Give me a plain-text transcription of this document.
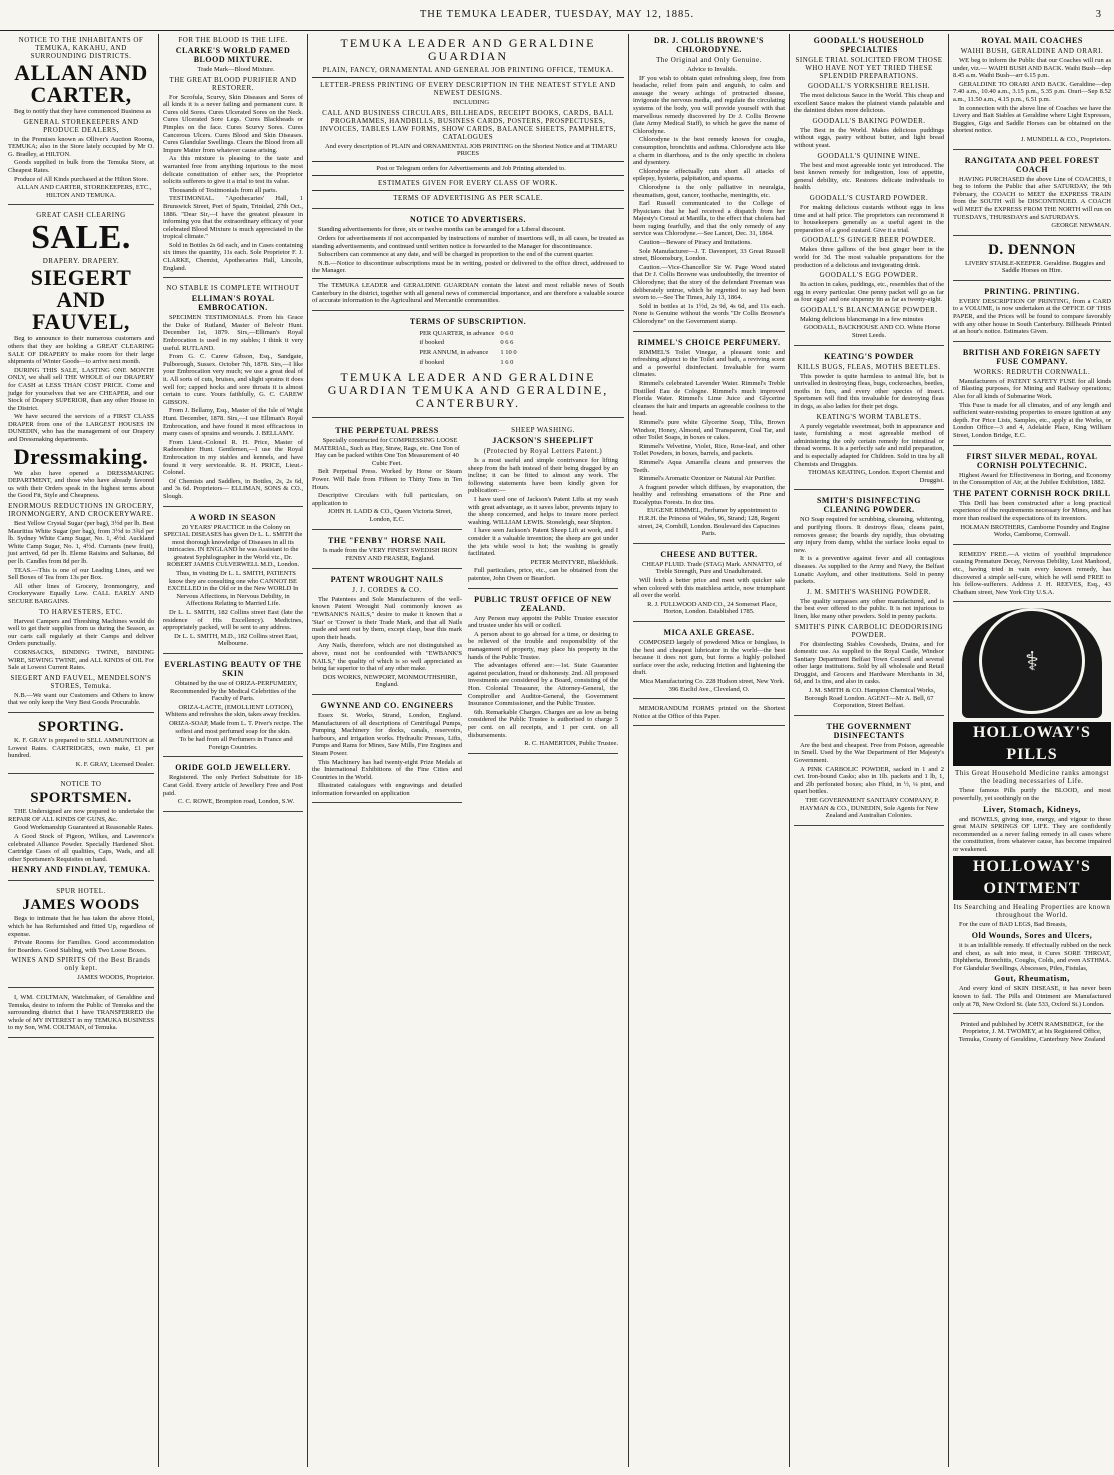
THE TEMUKA LEADER, TUESDAY, MAY 12, 1885.	3
NOTICE TO THE INHABITANTS OF TEMUKA, KAKAHU, AND SURROUNDING DISTRICTS.
ALLAN AND CARTER,

Beg to notify that they have commenced Business as

GENERAL STOREKEEPERS AND PRODUCE DEALERS,

in the Premises known as Olliver's Auction Rooms, TEMUKA; also in the Store lately occupied by Mr O. G. Bradley, at HILTON.

Goods supplied in bulk from the Temuka Store, at Cheapest Rates.

Produce of All Kinds purchased at the Hilton Store.

ALLAN AND CARTER, STOREKEEPERS, ETC., HILTON AND TEMUKA.

GREAT CASH CLEARING
SALE.
DRAPERY. DRAPERY.
SIEGERT AND FAUVEL,

Beg to announce to their numerous customers and others that they are holding a GREAT CLEARING SALE OF DRAPERY to make room for their large shipments of Winter Goods—to arrive next month.

DURING THIS SALE, LASTING ONE MONTH ONLY, we shall sell THE WHOLE of our DRAPERY for CASH at LESS THAN COST PRICE. Come and judge for yourselves that we are CHEAPER, and our Stock of Drapery SUPERIOR, than any other House in the District.

We have secured the services of a FIRST CLASS DRAPER from one of the LARGEST HOUSES IN DUNEDIN, who has the management of our Drapery and Dressmaking departments.

Dressmaking.

We also have opened a DRESSMAKING DEPARTMENT, and those who have already favored us with their Orders speak in the highest terms about the Good Fit, Style and Cheapness.

ENORMOUS REDUCTIONS IN GROCERY, IRONMONGERY, AND CROCKERYWARE.

Best Yellow Crystal Sugar (per bag), 3½d per lb. Best Mauritius White Sugar (per bag), from 3½d to 3¾d per lb. Sydney White Camp Sugar, No. 1, 4½d. Auckland White Camp Sugar, No. 1, 4½d. Currants (new fruit), just arrived, 6d per lb. Eleme Raisins and Sultanas, 8d per lb. Candles from 8d per lb.

TEAS.—This is one of our Leading Lines, and we Sell Boxes of Tea from 13s per Box.

All other lines of Grocery, Ironmongery, and Crockeryware Equally Low. CALL EARLY AND SECURE BARGAINS.

TO HARVESTERS, ETC.

Harvest Campers and Threshing Machines would do well to get their supplies from us during the Season, as our carts call regularly at their Camps and deliver Orders punctually.

CORNSACKS, BINDING TWINE, BINDING WIRE, SEWING TWINE, and ALL KINDS of OIL For Sale at Lowest Current Rates.

SIEGERT AND FAUVEL, MENDELSON'S STORES, Temuka.

N.B.—We want our Customers and Others to know that we only keep the Very Best Goods Procurable.

SPORTING.

K. F. GRAY is prepared to SELL AMMUNITION at Lowest Rates. CARTRIDGES, own make, £1 per hundred.

K. F. GRAY, Licensed Dealer.

NOTICE TO
SPORTSMEN.

THE Undersigned are now prepared to undertake the REPAIR OF ALL KINDS OF GUNS, &c.

Good Workmanship Guaranteed at Reasonable Rates.

A Good Stock of Pigeon, Wilkes, and Lawrence's celebrated Alliance Powder. Specially Hardened Shot. Cartridge Cases of all qualities, Caps, Wads, and all other Sportsmen's Requisites on hand.

HENRY AND FINDLAY, TEMUKA.
SPUR HOTEL.
JAMES WOODS

Begs to intimate that he has taken the above Hotel, which he has Refurnished and fitted Up, regardless of expense.

Private Rooms for Families. Good accommodation for Boarders. Good Stabling, with Two Loose Boxes.

WINES AND SPIRITS Of the Best Brands only kept.

JAMES WOODS, Proprietor.

I, WM. COLTMAN, Watchmaker, of Geraldine and Temuka, desire to inform the Public of Temuka and the surrounding district that I have TRANSFERRED the whole of MY INTEREST in my TEMUKA BUSINESS to my Son, WM. COLTMAN, of Temuka.

FOR THE BLOOD IS THE LIFE.
CLARKE'S WORLD FAMED BLOOD MIXTURE.

Trade Mark—Blood Mixture.

THE GREAT BLOOD PURIFIER AND RESTORER.

For Scrofula, Scurvy, Skin Diseases and Sores of all kinds it is a never failing and permanent cure. It Cures old Sores. Cures Ulcerated Sores on the Neck. Cures Ulcerated Sore Legs. Cures Blackheads or Pimples on the face. Cures Scurvy Sores. Cures Cancerous Ulcers. Cures Blood and Skin Diseases. Cures Glandular Swellings. Clears the Blood from all Impure Matter from whatever cause arising.

As this mixture is pleasing to the taste and warranted free from anything injurious to the most delicate constitution of either sex, the Proprietor solicits sufferers to give it a trial to test its value.

Thousands of Testimonials from all parts.

TESTIMONIAL. "Apothecaries' Hall, 1 Brunswick Street, Port of Spain, Trinidad, 27th Oct., 1886. "Dear Sir,—I have the greatest pleasure in informing you that the extraordinary efficacy of your celebrated Blood Mixture is much appreciated in the tropical climate."

Sold in Bottles 2s 6d each, and in Cases containing six times the quantity, 11s each. Sole Proprietor F. J. CLARKE, Chemist, Apothecaries Hall, Lincoln, England.

NO STABLE IS COMPLETE WITHOUT
ELLIMAN'S ROYAL EMBROCATION.

SPECIMEN TESTIMONIALS. From his Grace the Duke of Rutland, Master of Belvoir Hunt. December 1st, 1879. Sirs,—Elliman's Royal Embrocation is used in my stables; I think it very useful. RUTLAND.

From G. C. Carew Gibson, Esq., Sandgate, Pulborough, Sussex. October 7th, 1878. Sirs,—I like your Embrocation very much; we use a great deal of it. All sorts of cuts, bruises, and slight sprains it does well for; capped hocks and sore throats it is almost certain to cure. Yours faithfully, G. C. CAREW GIBSON.

From J. Bellamy, Esq., Master of the Isle of Wight Hunt. December, 1878. Sirs,—I use Elliman's Royal Embrocation, and have found it most efficacious in many cases of sprains and wounds. J. BELLAMY.

From Lieut.-Colonel R. H. Price, Master of Radnorshire Hunt. Gentlemen,—I use the Royal Embrocation in my stables and kennels, and have found it very serviceable. R. H. PRICE, Lieut.-Colonel.

Of Chemists and Saddlers, in Bottles, 2s, 2s 6d, and 3s 6d. Proprietors— ELLIMAN, SONS & CO., Slough.

A WORD IN SEASON

20 YEARS' PRACTICE in the Colony on SPECIAL DISEASES has given Dr L. L. SMITH the most thorough knowledge of Diseases in all its intricacies. IN ENGLAND he was Assistant to the greatest Syphilographer in the World viz., Dr. ROBERT JAMES CULVERWELL M.D., London.

Thus, in visiting Dr L. L. SMITH, PATIENTS know they are consulting one who CANNOT BE EXCELLED in the Old or in the New WORLD In Nervous Affections, in Nervous Debility, in Affections Relating to Married Life.

Dr L. L. SMITH, 182 Collins street East (late the residence of His Excellency). Medicines, appropriately packed, will be sent to any address.

Dr L. L. SMITH, M.D., 182 Collins street East, Melbourne.

EVERLASTING BEAUTY OF THE SKIN

Obtained by the use of ORIZA-PERFUMERY, Recommended by the Medical Celebrities of the Faculty of Paris.

ORIZA-LACTE, (EMOLLIENT LOTION), Whitens and refreshes the skin, takes away freckles.

ORIZA-SOAP, Made from L. T. Piver's recipe. The softest and most perfumed soap for the skin.

To be had from all Perfumers in France and Foreign Countries.

ORIDE GOLD JEWELLERY.

Registered. The only Perfect Substitute for 18-Carat Gold. Every article of Jewellery Free and Post paid.

C. C. ROWE, Brompton road, London, S.W.

TEMUKA LEADER AND GERALDINE GUARDIAN
PLAIN, FANCY, ORNAMENTAL AND GENERAL JOB PRINTING OFFICE, TEMUKA.
LETTER-PRESS PRINTING OF EVERY DESCRIPTION IN THE NEATEST STYLE AND NEWEST DESIGNS.

INCLUDING

CALL AND BUSINESS CIRCULARS, BILLHEADS, RECEIPT BOOKS, CARDS, BALL PROGRAMMES, HANDBILLS, BUSINESS CARDS, POSTERS, PROSPECTUSES, INVOICES, TABLES LAW FORMS, SHOW CARDS, BALANCE SHEETS, PAMPHLETS, CATALOGUES

And every description of PLAIN and ORNAMENTAL JOB PRINTING on the Shortest Notice and at TIMARU PRICES

Post or Telegram orders for Advertisements and Job Printing attended to.

ESTIMATES GIVEN FOR EVERY CLASS OF WORK.
TERMS OF ADVERTISING AS PER SCALE.
NOTICE TO ADVERTISERS.

Standing advertisements for three, six or twelve months can be arranged for a Liberal discount.

Orders for advertisements if not accompanied by instructions of number of insertions will, in all cases, be treated as standing advertisements, and continued until written notice is forwarded to the Manager for discontinuance.

Subscribers can commence at any date, and will be charged in proportion to the end of the current quarter.

N.B.—Notice to discontinue subscriptions must be in writing, posted or delivered to the office direct, addressed to the Manager.

The TEMUKA LEADER and GERALDINE GUARDIAN contain the latest and most reliable news of South Canterbury in the district, together with all general news of commercial importance, and are therefore a valuable source of accurate information to the Agricultural and Mercantile communities.

TERMS OF SUBSCRIPTION.
PER QUARTER, in advance	0 6 0
if booked	0 6 6
PER ANNUM, in advance	1 10 0
if booked	1 6 0
TEMUKA LEADER AND GERALDINE GUARDIAN TEMUKA AND GERALDINE, CANTERBURY.
THE PERPETUAL PRESS

Specially constructed for COMPRESSING LOOSE MATERIAL, Such as Hay, Straw, Rags, etc. One Ton of Hay can be packed within One Ton Measurement of 40 Cubic Feet.

Belt Perpetual Press. Worked by Horse or Steam Power. Will Bale from Fifteen to Thirty Tons in Ten Hours.

Descriptive Circulars with full particulars, on application to

JOHN H. LADD & CO., Queen Victoria Street, London, E.C.

THE "FENBY" HORSE NAIL

Is made from the VERY FINEST SWEDISH IRON

FENBY AND FRASER, England.

PATENT WROUGHT NAILS
J. J. CORDES & CO.

The Patentees and Sole Manufacturers of the well-known Patent Wrought Nail commonly known as "EWBANK'S NAILS," desire to make it known that a 'Star' or 'Crown' is their Trade Mark, and that all Nails made and sent out by them, except clasp, bear this mark upon their heads.

Any Nails, therefore, which are not distinguished as above, must not be confounded with "EWBANK'S NAILS," the quality of which is so well appreciated as being far superior to that of any other make.

DOS WORKS, NEWPORT, MONMOUTHSHIRE, England.

GWYNNE AND CO. ENGINEERS

Essex St. Works, Strand, London, England. Manufacturers of all descriptions of Centrifugal Pumps, Pumping Machinery for docks, canals, reservoirs, harbours, and irrigation works. Hydraulic Presses, Lifts, Pumps and Rams for Mines, Saw Mills, Fire Engines and Steam Power.

This Machinery has had twenty-eight Prize Medals at the International Exhibitions of the Fine Cities and Countries in the World.

Illustrated catalogues with engravings and detailed information forwarded on application

SHEEP WASHING.
JACKSON'S SHEEPLIFT
(Protected by Royal Letters Patent.)

Is a most useful and simple contrivance for lifting sheep from the bath instead of their being dragged by an incline; it can be fitted to almost any work. The following statements have been kindly given for publication:—

I have used one of Jackson's Patent Lifts at my wash with great advantage, as it saves labor, prevents injury to the sheep concerned, and helps to insure more perfect washing. WILLIAM LEWIS. Stoneleigh, near Shipton.

I have seen Jackson's Patent Sheep Lift at work, and I consider it a valuable invention; the sheep are got under the jets while wool is hot; the washing is greatly facilitated.

PETER McINTYRE, Blackbluik.

Full particulars, price, etc., can be obtained from the patentee, John Owen or Beanfort.

PUBLIC TRUST OFFICE OF NEW ZEALAND.

Any Person may appoint the Public Trustee executor and trustee under his will or codicil.

A person about to go abroad for a time, or desiring to be relieved of the trouble and responsibility of the management of property, may place his property in the hands of the Public Trustee.

The advantages offered are:—1st. State Guarantee against peculation, fraud or dishonesty. 2nd. All proposed investments are considered by a Board, consisting of the Hon. Colonial Treasurer, the Attorney-General, the Comptroller and Auditor-General, the Government Insurance Commissioner, and the Public Trustee.

6th. Remarkable Charges. Charges are as low as being considered the Public Trustee is authorised to charge 5 per cent. on all receipts, and 1 per cent. on all disbursements.

R. C. HAMERTON, Public Trustee.

DR. J. COLLIS BROWNE'S CHLORODYNE.
The Original and Only Genuine.

Advice to Invalids.

IF you wish to obtain quiet refreshing sleep, free from headache, relief from pain and anguish, to calm and assuage the weary achings of protracted disease, invigorate the nervous media, and regulate the circulating systems of the body, you will provide yourself with that marvellous remedy discovered by Dr J. Collis Browne (late Army Medical Staff), to which he gave the name of Chlorodyne.

Chlorodyne is the best remedy known for coughs, consumption, bronchitis and asthma. Chlorodyne acts like a charm in diarrhoea, and is the only specific in cholera and dysentery.

Chlorodyne effectually cuts short all attacks of epilepsy, hysteria, palpitation, and spasms.

Chlorodyne is the only palliative in neuralgia, rheumatism, gout, cancer, toothache, meningitis, etc.

Earl Russell communicated to the College of Physicians that he had received a dispatch from her Majesty's Consul at Manilla, to the effect that cholera had been raging fearfully, and that the only remedy of any service was Chlorodyne.—See Lancet, Dec. 31, 1864.

Caution—Beware of Piracy and Imitations.

Sole Manufacturer—J. T. Davenport, 33 Great Russell street, Bloomsbury, London.

Caution.—Vice-Chancellor Sir W. Page Wood stated that Dr J. Collis Browne was undoubtedly, the inventor of Chlorodyne; that the story of the defendant Freeman was deliberately untrue, which he regretted to say had been sworn to.—See The Times, July 13, 1864.

Sold in bottles at 1s 1½d, 2s 9d, 4s 6d, and 11s each. None is Genuine without the words "Dr Collis Browne's Chlorodyne" on the Government stamp.

RIMMEL'S CHOICE PERFUMERY.

RIMMEL'S Toilet Vinegar, a pleasant tonic and refreshing adjunct to the Toilet and bath, a reviving scent and a powerful disinfectant. Invaluable for warm climates.

Rimmel's celebrated Lavender Water. Rimmel's Treble Distilled Eau de Cologne. Rimmel's much improved Florida Water. Rimmel's Lime Juice and Glycerine cleanses the hair and imparts an agreeable coolness to the head.

Rimmel's pure white Glycerine Soap, Tilia, Brown Windsor, Honey, Almond, and Transparent, Coal Tar, and other Toilet Soaps, in boxes or cakes.

Rimmel's Velvetine, Violet, Rice, Rose-leaf, and other Toilet Powders, in boxes, barrels, and packets.

Rimmel's Aqua Amarella cleans and preserves the Teeth.

Rimmel's Aromatic Ozonizer or Natural Air Purifier.

A fragrant powder which diffuses, by evaporation, the healthy and refreshing emanations of the Pine and Eucalyptus Forests. In doz tins.

EUGENE RIMMEL, Perfumer by appointment to H.R.H. the Princess of Wales, 96, Strand; 128, Regent street, 24, Cornhill, London. Boulevard des Capucines Paris.

CHEESE AND BUTTER.

CHEAP FLUID. Trade (STAG) Mark. ANNATTO, of Treble Strength, Pure and Unadulterated.

Will fetch a better price and meet with quicker sale when colored with this matchless article, now triumphant all over the world.

R. J. FULLWOOD AND CO., 24 Somerset Place, Horton, London. Established 1785.

MICA AXLE GREASE.

COMPOSED largely of powdered Mica or Isinglass, is the best and cheapest lubricator in the world—the best because it does not gum, but forms a highly polished surface over the axle, reducing friction and lightening the draft.

Mica Manufacturing Co. 228 Hudson street, New York. 396 Euclid Ave., Cleveland, O.

MEMORANDUM FORMS printed on the Shortest Notice at the Office of this Paper.

GOODALL'S HOUSEHOLD SPECIALTIES
SINGLE TRIAL SOLICITED FROM THOSE WHO HAVE NOT YET TRIED THESE SPLENDID PREPARATIONS.
GOODALL'S YORKSHIRE RELISH.

The most delicious Sauce in the World. This cheap and excellent Sauce makes the plainest viands palatable and the daintiest dishes more delicious.

GOODALL'S BAKING POWDER.

The Best in the World. Makes delicious puddings without eggs, pastry without butter, and light bread without yeast.

GOODALL'S QUININE WINE.

The best and most agreeable tonic yet introduced. The best known remedy for indigestion, loss of appetite, general debility, etc. Restores delicate individuals to health.

GOODALL'S CUSTARD POWDER.

For making delicious custards without eggs in less time and at half price. The proprietors can recommend it to housekeepers generally as a useful agent in the preparation of a good custard. Give it a trial.

GOODALL'S GINGER BEER POWDER.

Makes three gallons of the best ginger beer in the world for 3d. The most valuable preparations for the production of a delicious and invigorating drink.

GOODALL'S EGG POWDER.

Its action in cakes, puddings, etc., resembles that of the egg in every particular. One penny packet will go as far as four eggs! and one sixpenny tin as far as twenty-eight.

GOODALL'S BLANCMANGE POWDER.

Making delicious blancmange in a few minutes

GOODALL, BACKHOUSE AND CO. White Horse Street Leeds.

KEATING'S POWDER
KILLS BUGS, FLEAS, MOTHS BEETLES.

This powder is quite harmless to animal life, but is unrivalled in destroying fleas, bugs, cockroaches, beetles, moths in furs, and every other species of insect. Sportsmen will find this invaluable for destroying fleas in dogs, as also ladies for their pet dogs.

KEATING'S WORM TABLETS.

A purely vegetable sweetmeat, both in appearance and taste, furnishing a most agreeable method of administering the only certain remedy for intestinal or thread worms. It is a perfectly safe and mild preparation, and is especially adapted for Children. Sold in tins by all Chemists and Druggists.

THOMAS KEATING, London. Export Chemist and Druggist.

SMITH'S DISINFECTING CLEANING POWDER.

NO Soap required for scrubbing, cleansing, whitening, and purifying floors. It destroys fleas, cleans paint, removes grease; the boards dry rapidly, thus obviating any injury from damp, whilst the surface looks equal to new.

It is a preventive against fever and all contagious diseases. As supplied to the Army and Navy, the Belfast Lunatic Asylum, and other institutions. Sold in penny packets.

J. M. SMITH'S WASHING POWDER.

The quality surpasses any other manufactured, and is the best ever offered to the public. It is not injurious to linen, like many other powders. Sold in penny packets.

SMITH'S PINK CARBOLIC DEODORISING POWDER.

For disinfecting Stables Cowsheds, Drains, and for domestic use. As supplied to the Royal Castle, Windsor Sanitary Department Belfast Town Council and several other large institutions. Sold by all wholesale and Retail Druggist, and Grocers and Hardware Merchants in 3d, 6d, and 1s tins, and also in casks.

J. M. SMITH & CO. Hampton Chemical Works, Borough Road London. AGENT—Mr A. Bell, 67 Corporation, Street Belfast.

THE GOVERNMENT DISINFECTANTS

Are the best and cheapest. Free from Poison, agreeable in Smell. Used by the War Department of Her Majesty's Government.

A PINK CARBOLIC POWDER, sacked in 1 and 2 cwt. Iron-bound Casks; also in 1lb. packets and 1 lb, 1, and 2lb perforated boxes; also Fluid, in ½, ¼ pint, and quart bottles.

THE GOVERNMENT SANITARY COMPANY, P. HAYMAN & CO., DUNEDIN, Sole Agents for New Zealand and Australian Colonies.

ROYAL MAIL COACHES
WAIHI BUSH, GERALDINE AND ORARI.

WE beg to inform the Public that our Coaches will run as under, viz.— WAIHI BUSH AND BACK. Waihi Bush—dep 8.45 a.m. Waihi Bush—arr 6.15 p.m.

GERALDINE TO ORARI AND BACK. Geraldine—dep 7.40 a.m., 10.40 a.m., 3.15 p.m., 5.35 p.m. Orari—Sep 8.52 a.m., 11.50 a.m., 4.15 p.m., 6.51 p.m.

In connection with the above line of Coaches we have the Livery and Bait Stables at Geraldine where Light Expresses, Buggies, Gigs and Saddle Horses can be obtained on the shortest notice.

J. MUNDELL & CO., Proprietors.

RANGITATA AND PEEL FOREST COACH

HAVING PURCHASED the above Line of COACHES, I beg to inform the Public that after SATURDAY, the 9th February, the COACH to MEET the EXPRESS TRAIN from the SOUTH will be DISCONTINUED. A COACH will MEET the EXPRESS FROM THE NORTH will run on TUESDAYS, THURSDAYS and SATURDAYS.

GEORGE NEWMAN.

D. DENNON

LIVERY STABLE-KEEPER. Geraldine. Buggies and Saddle Horses on Hire.

PRINTING. PRINTING.

EVERY DESCRIPTION OF PRINTING, from a CARD to a VOLUME, is now undertaken at the OFFICE OF THIS PAPER, and the Prices will be found to compare favorably with any other house in South Canterbury. Billheads Printed at an hour's notice. Estimates Given.

BRITISH AND FOREIGN SAFETY FUSE COMPANY.
WORKS: REDRUTH CORNWALL.

Manufacturers of PATENT SAFETY FUSE for all kinds of Blasting purposes, for Mining and Railway operations; Also for all kinds of Submarine Work.

This Fuse is made for all climates, and of any length and sufficient water-resisting properties to ensure ignition at any depth. For Price Lists, Samples, etc., apply at the Works, or London Office—3 and 4, Adelaide Place, King William Street, London Bridge, E.C.

FIRST SILVER MEDAL, ROYAL CORNISH POLYTECHNIC.

Highest Award for Effectiveness in Boring, and Economy in the Consumption of Air, at the Jubilee Exhibition, 1882.

THE PATENT CORNISH ROCK DRILL

This Drill has been constructed after a long practical experience of the requirements necessary for Mines, and has more than realised the expectations of its inventors.

HOLMAN BROTHERS, Camborne Foundry and Engine Works, Camborne, Cornwall.

REMEDY FREE.—A victim of youthful imprudence causing Premature Decay, Nervous Debility, Lost Manhood, etc., having tried in vain every known remedy, has discovered a simple self-cure, which he will send FREE to his fellow-sufferers. Address J. H. REEVES, Esq., 43 Chatham street, New York City U.S.A.

⚕
HOLLOWAY'S PILLS
This Great Household Medicine ranks amongst the leading necessaries of Life.

These famous Pills purify the BLOOD, and most powerfully, yet soothingly on the

Liver, Stomach, Kidneys,

and BOWELS, giving tone, energy, and vigour to these great MAIN SPRINGS OF LIFE. They are confidently recommended as a never failing remedy in all cases where the constitution, from whatever cause, has become impaired or weakened.

HOLLOWAY'S OINTMENT
Its Searching and Healing Properties are known throughout the World.

For the cure of BAD LEGS, Bad Breasts,

Old Wounds, Sores and Ulcers,

it is an infallible remedy. If effectually rubbed on the neck and chest, as salt into meat, it Cures SORE THROAT, Diphtheria, Bronchitis, Coughs, Colds, and even ASTHMA. For Glandular Swellings, Abscesses, Piles, Fistulas,

Gout, Rheumatism,

And every kind of SKIN DISEASE, it has never been known to fail. The Pills and Ointment are Manufactured only at 78, New Oxford St. (late 533, Oxford St.) London.

Printed and published by JOHN RAMSBIDGE, for the Proprietor, J. M. TWOMEY, at his Registered Office, Temuka, County of Geraldine, Canterbury New Zealand
